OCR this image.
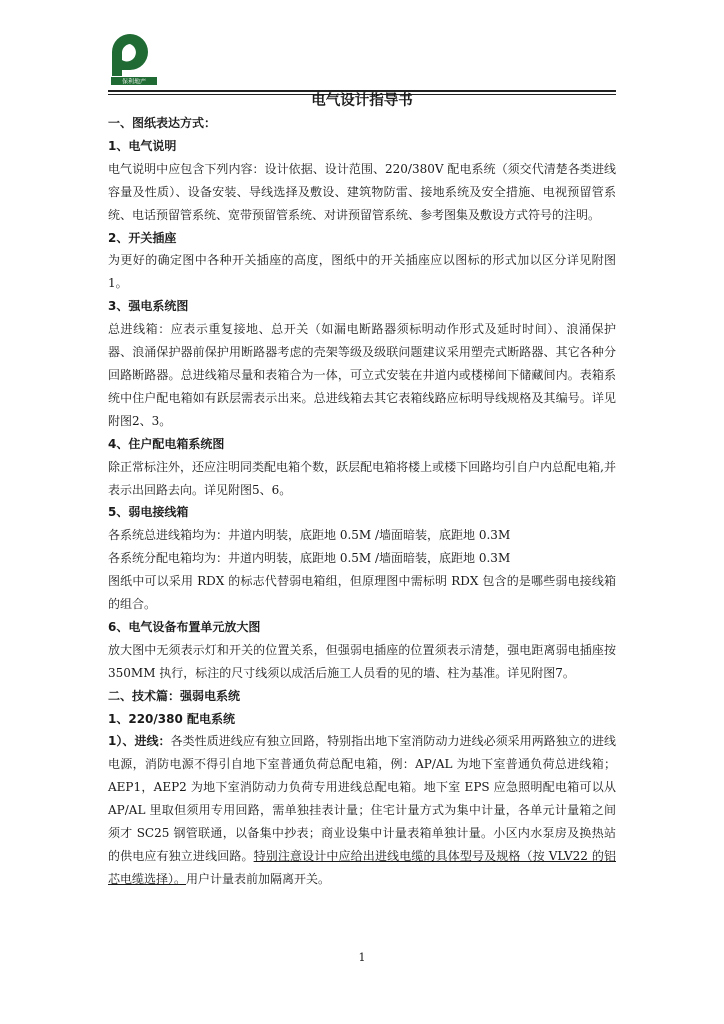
保利地产
电气设计指导书
一、图纸表达方式：
1、电气说明
电气说明中应包含下列内容：设计依据、设计范围、220/380V 配电系统（须交代清楚各类进线容量及性质）、设备安装、导线选择及敷设、建筑物防雷、接地系统及安全措施、电视预留管系统、电话预留管系统、宽带预留管系统、对讲预留管系统、参考图集及敷设方式符号的注明。
2、开关插座
为更好的确定图中各种开关插座的高度，图纸中的开关插座应以图标的形式加以区分详见附图1。
3、强电系统图
总进线箱：应表示重复接地、总开关（如漏电断路器须标明动作形式及延时时间）、浪涌保护器、浪涌保护器前保护用断路器考虑的壳架等级及级联问题建议采用塑壳式断路器、其它各种分回路断路器。总进线箱尽量和表箱合为一体，可立式安装在井道内或楼梯间下储藏间内。表箱系统中住户配电箱如有跃层需表示出来。总进线箱去其它表箱线路应标明导线规格及其编号。详见附图2、3。
4、住户配电箱系统图
除正常标注外，还应注明同类配电箱个数，跃层配电箱将楼上或楼下回路均引自户内总配电箱,并表示出回路去向。详见附图5、6。
5、弱电接线箱
各系统总进线箱均为：井道内明装，底距地 0.5M /墙面暗装，底距地 0.3M
各系统分配电箱均为：井道内明装，底距地 0.5M /墙面暗装，底距地 0.3M
图纸中可以采用 RDX 的标志代替弱电箱组，但原理图中需标明 RDX 包含的是哪些弱电接线箱的组合。
6、电气设备布置单元放大图
放大图中无须表示灯和开关的位置关系，但强弱电插座的位置须表示清楚，强电距离弱电插座按 350MM 执行，标注的尺寸线须以成活后施工人员看的见的墙、柱为基准。详见附图7。
二、技术篇：强弱电系统
1、220/380 配电系统
1）、进线：各类性质进线应有独立回路，特别指出地下室消防动力进线必须采用两路独立的进线电源，消防电源不得引自地下室普通负荷总配电箱，例：AP/AL 为地下室普通负荷总进线箱；AEP1，AEP2 为地下室消防动力负荷专用进线总配电箱。地下室 EPS 应急照明配电箱可以从 AP/AL 里取但须用专用回路，需单独挂表计量；住宅计量方式为集中计量，各单元计量箱之间须才 SC25 钢管联通，以备集中抄表；商业设集中计量表箱单独计量。小区内水泵房及换热站的供电应有独立进线回路。特别注意设计中应给出进线电缆的具体型号及规格（按 VLV22 的铝芯电缆选择）。用户计量表前加隔离开关。
1
